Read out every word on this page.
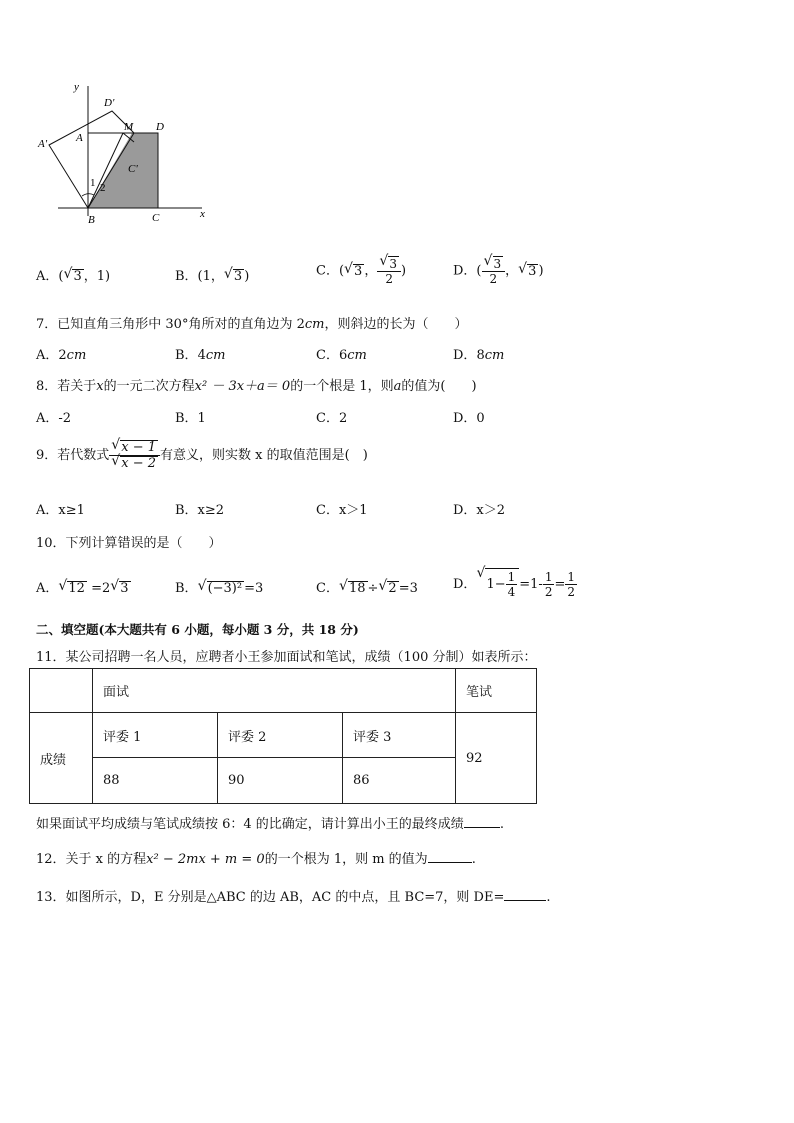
y
x
D'
A'	A
M D
C'
1 2
B	C
A．( √ 3 ，1)	B．(1， √ 3 )	C．( √ 3 ， √ $\frac{3}{2}$ )	D．( √ $\frac{3}{2}$ ， √ 3 )
7．已知直角三角形中 30°角所对的直角边为 2cm，则斜边的长为（　　）
A．2cm	B．4cm	C．6cm	D．8cm
8．若关于x的一元二次方程x² － 3x＋a＝ 0的一个根是 1，则a的值为(　　)
A．-2	B．1	C．2	D．0
9．若代数式 √ x − 1
√ x − 2 有意义，则实数 x 的取值范围是(　)
A．x≥1	B．x≥2	C．x＞1	D．x＞2
10．下列计算错误的是（　　）
A． √ 12 =2 √ 3	B． √ (−3)² =3	C． √ 18 ÷ √ 2 =3	D． √ $1- \frac{1}{4} =1- \frac{1}{2} = \frac{1}{2}$
二、填空题(本大题共有 6 小题，每小题 3 分，共 18 分)
11．某公司招聘一名人员，应聘者小王参加面试和笔试，成绩（100 分制）如表所示：
	面试			笔试
成绩	评委 1	评委 2	评委 3	92
	88	90	86	
如果面试平均成绩与笔试成绩按 6：4 的比确定，请计算出小王的最终成绩	.
12．关于 x 的方程x² − 2mx + m = 0的一个根为 1，则 m 的值为	.
13．如图所示，D，E 分别是△ABC 的边 AB，AC 的中点，且 BC=7，则 DE=	.
